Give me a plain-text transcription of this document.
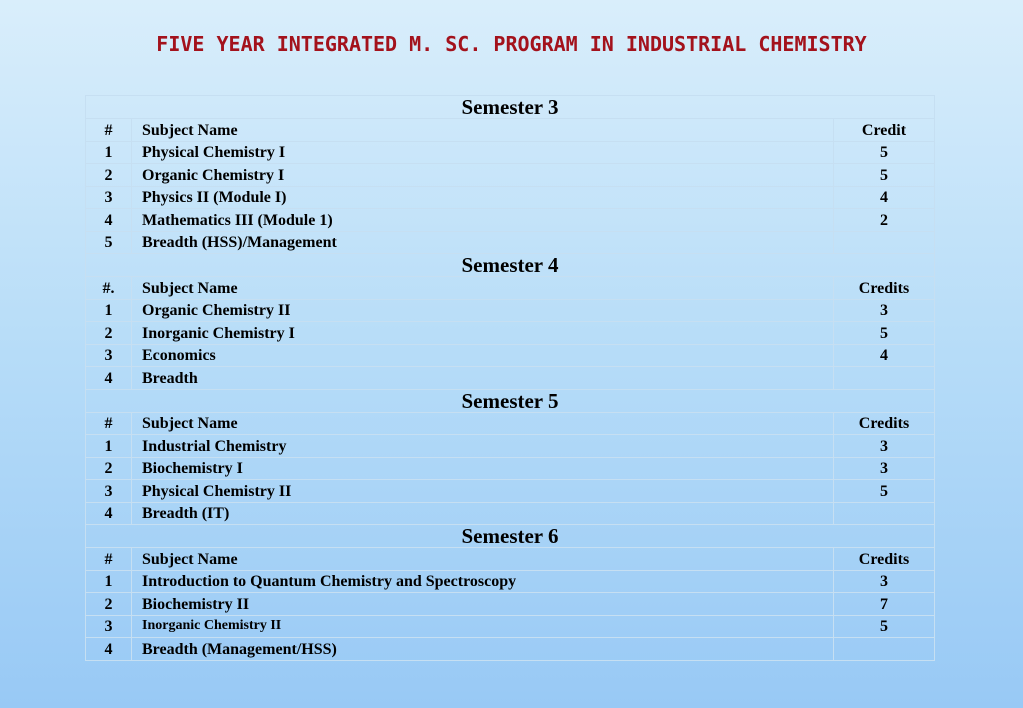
FIVE YEAR INTEGRATED M. SC. PROGRAM IN INDUSTRIAL CHEMISTRY
Semester 3		
#	Subject Name	Credit
1	Physical Chemistry I	5
2	Organic Chemistry I	5
3	Physics II (Module I)	4
4	Mathematics III (Module 1)	2
5	Breadth (HSS)/Management	
Semester 4		
#.	Subject Name	Credits
1	Organic Chemistry II	3
2	Inorganic Chemistry I	5
3	Economics	4
4	Breadth	
Semester 5		
#	Subject Name	Credits
1	Industrial Chemistry	3
2	Biochemistry I	3
3	Physical Chemistry II	5
4	Breadth (IT)	
Semester 6		
#	Subject Name	Credits
1	Introduction to Quantum Chemistry and Spectroscopy	3
2	Biochemistry II	7
3	Inorganic Chemistry II	5
4	Breadth (Management/HSS)	
